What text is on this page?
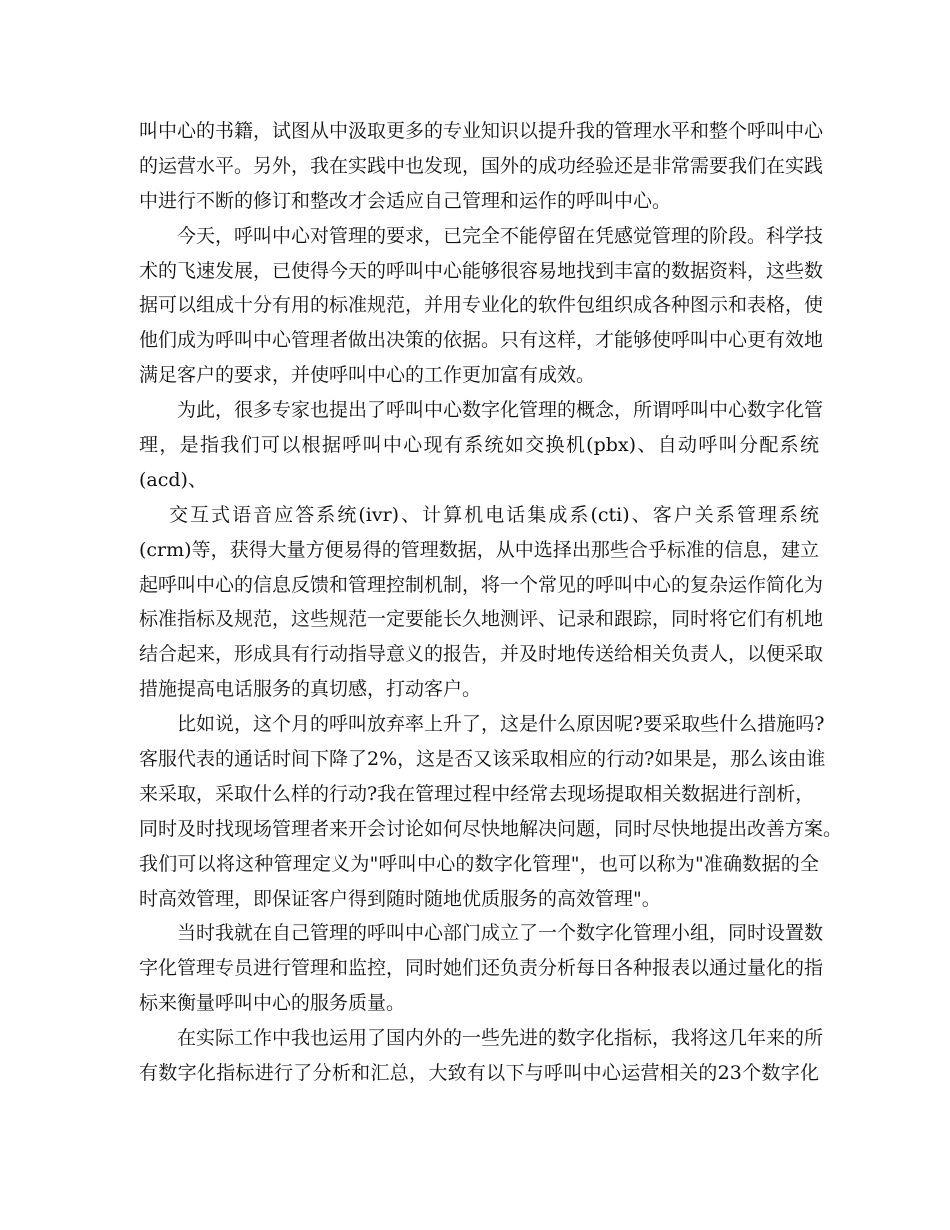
叫中心的书籍，试图从中汲取更多的专业知识以提升我的管理水平和整个呼叫中心
的运营水平。另外，我在实践中也发现，国外的成功经验还是非常需要我们在实践
中进行不断的修订和整改才会适应自己管理和运作的呼叫中心。
今天，呼叫中心对管理的要求，已完全不能停留在凭感觉管理的阶段。科学技
术的飞速发展，已使得今天的呼叫中心能够很容易地找到丰富的数据资料，这些数
据可以组成十分有用的标准规范，并用专业化的软件包组织成各种图示和表格，使
他们成为呼叫中心管理者做出决策的依据。只有这样，才能够使呼叫中心更有效地
满足客户的要求，并使呼叫中心的工作更加富有成效。
为此，很多专家也提出了呼叫中心数字化管理的概念，所谓呼叫中心数字化管
理，是指我们可以根据呼叫中心现有系统如交换机(pbx)、自动呼叫分配系统
(acd)、
交互式语音应答系统(ivr)、计算机电话集成系(cti)、客户关系管理系统
(crm)等，获得大量方便易得的管理数据，从中选择出那些合乎标准的信息，建立
起呼叫中心的信息反馈和管理控制机制，将一个常见的呼叫中心的复杂运作简化为
标准指标及规范，这些规范一定要能长久地测评、记录和跟踪，同时将它们有机地
结合起来，形成具有行动指导意义的报告，并及时地传送给相关负责人，以便采取
措施提高电话服务的真切感，打动客户。
比如说，这个月的呼叫放弃率上升了，这是什么原因呢?要采取些什么措施吗?
客服代表的通话时间下降了2%，这是否又该采取相应的行动?如果是，那么该由谁
来采取，采取什么样的行动?我在管理过程中经常去现场提取相关数据进行剖析，
同时及时找现场管理者来开会讨论如何尽快地解决问题，同时尽快地提出改善方案。
我们可以将这种管理定义为"呼叫中心的数字化管理"，也可以称为"准确数据的全
时高效管理，即保证客户得到随时随地优质服务的高效管理"。
当时我就在自己管理的呼叫中心部门成立了一个数字化管理小组，同时设置数
字化管理专员进行管理和监控，同时她们还负责分析每日各种报表以通过量化的指
标来衡量呼叫中心的服务质量。
在实际工作中我也运用了国内外的一些先进的数字化指标，我将这几年来的所
有数字化指标进行了分析和汇总，大致有以下与呼叫中心运营相关的23个数字化
